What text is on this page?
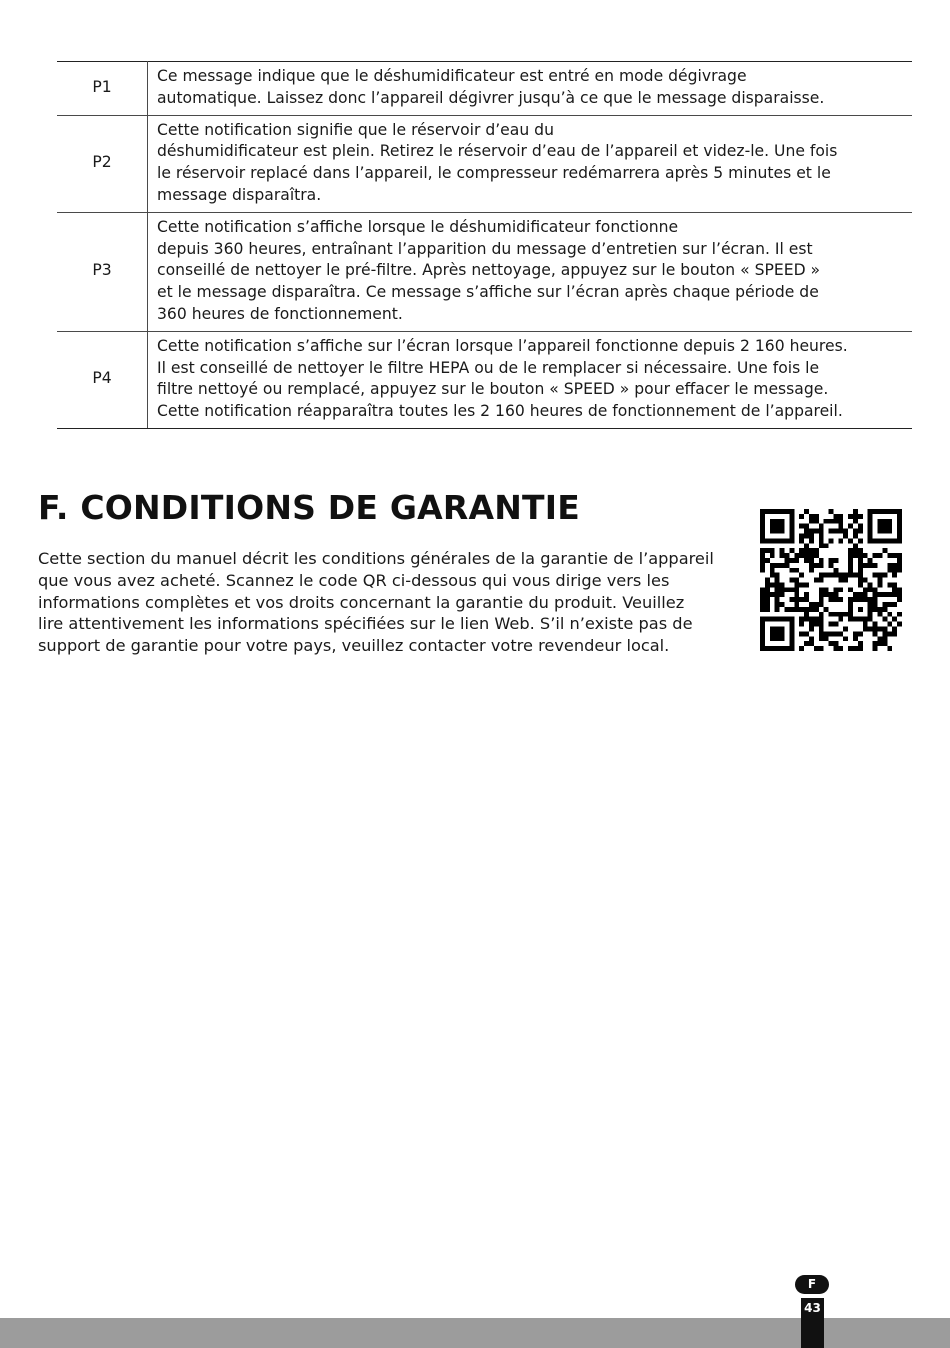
P1	Ce message indique que le déshumidificateur est entré en mode dégivrage
automatique. Laissez donc l’appareil dégivrer jusqu’à ce que le message disparaisse.

P2	Cette notification signifie que le réservoir d’eau du
déshumidificateur est plein. Retirez le réservoir d’eau de l’appareil et videz-le. Une fois
le réservoir replacé dans l’appareil, le compresseur redémarrera après 5 minutes et le
message disparaîtra.

P3	Cette notification s’affiche lorsque le déshumidificateur fonctionne
depuis 360 heures, entraînant l’apparition du message d’entretien sur l’écran. Il est
conseillé de nettoyer le pré-filtre. Après nettoyage, appuyez sur le bouton « SPEED »
et le message disparaîtra. Ce message s’affiche sur l’écran après chaque période de
360 heures de fonctionnement.

P4	Cette notification s’affiche sur l’écran lorsque l’appareil fonctionne depuis 2 160 heures.
Il est conseillé de nettoyer le filtre HEPA ou de le remplacer si nécessaire. Une fois le
filtre nettoyé ou remplacé, appuyez sur le bouton « SPEED » pour effacer le message.
Cette notification réapparaîtra toutes les 2 160 heures de fonctionnement de l’appareil.
F. CONDITIONS DE GARANTIE
Cette section du manuel décrit les conditions générales de la garantie de l’appareil
que vous avez acheté. Scannez le code QR ci-dessous qui vous dirige vers les
informations complètes et vos droits concernant la garantie du produit. Veuillez
lire attentivement les informations spécifiées sur le lien Web. S’il n’existe pas de
support de garantie pour votre pays, veuillez contacter votre revendeur local.
F
43
